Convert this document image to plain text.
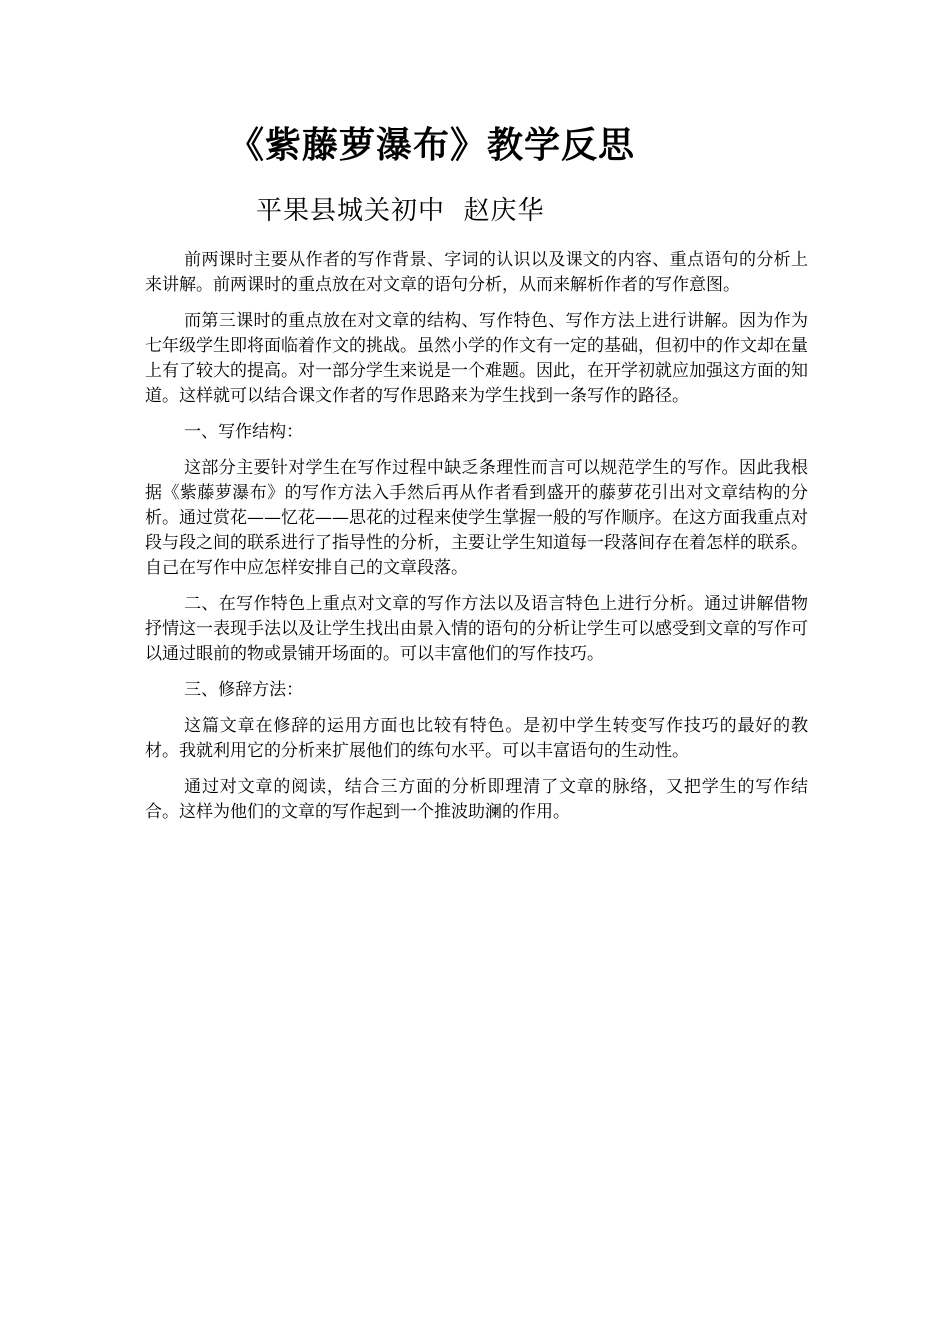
《紫藤萝瀑布》教学反思

平果县城关初中  赵庆华

前两课时主要从作者的写作背景、字词的认识以及课文的内容、重点语句的分析上来讲解。前两课时的重点放在对文章的语句分析，从而来解析作者的写作意图。

而第三课时的重点放在对文章的结构、写作特色、写作方法上进行讲解。因为作为七年级学生即将面临着作文的挑战。虽然小学的作文有一定的基础，但初中的作文却在量上有了较大的提高。对一部分学生来说是一个难题。因此，在开学初就应加强这方面的知道。这样就可以结合课文作者的写作思路来为学生找到一条写作的路径。

一、写作结构：

这部分主要针对学生在写作过程中缺乏条理性而言可以规范学生的写作。因此我根据《紫藤萝瀑布》的写作方法入手然后再从作者看到盛开的藤萝花引出对文章结构的分析。通过赏花——忆花——思花的过程来使学生掌握一般的写作顺序。在这方面我重点对段与段之间的联系进行了指导性的分析，主要让学生知道每一段落间存在着怎样的联系。自己在写作中应怎样安排自己的文章段落。

二、在写作特色上重点对文章的写作方法以及语言特色上进行分析。通过讲解借物抒情这一表现手法以及让学生找出由景入情的语句的分析让学生可以感受到文章的写作可以通过眼前的物或景铺开场面的。可以丰富他们的写作技巧。

三、修辞方法：

这篇文章在修辞的运用方面也比较有特色。是初中学生转变写作技巧的最好的教材。我就利用它的分析来扩展他们的练句水平。可以丰富语句的生动性。

通过对文章的阅读，结合三方面的分析即理清了文章的脉络，又把学生的写作结合。这样为他们的文章的写作起到一个推波助澜的作用。
